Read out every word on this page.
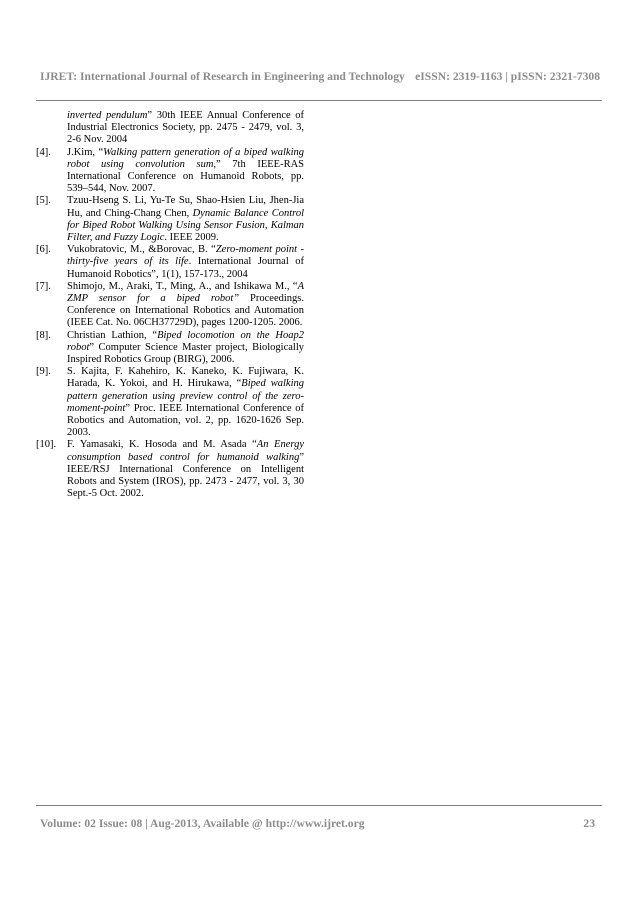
IJRET: International Journal of Research in Engineering and Technology eISSN: 2319-1163 | pISSN: 2321-7308
inverted pendulum” 30th IEEE Annual Conference of Industrial Electronics Society, pp. 2475 - 2479, vol. 3, 2-6 Nov. 2004
[4]. J.Kim, “Walking pattern generation of a biped walking robot using convolution sum,” 7th IEEE-RAS International Conference on Humanoid Robots, pp. 539–544, Nov. 2007.
[5]. Tzuu-Hseng S. Li, Yu-Te Su, Shao-Hsien Liu, Jhen-Jia Hu, and Ching-Chang Chen, Dynamic Balance Control for Biped Robot Walking Using Sensor Fusion, Kalman Filter, and Fuzzy Logic. IEEE 2009.
[6]. Vukobratovic, M., &Borovac, B. “Zero-moment point - thirty-five years of its life. International Journal of Humanoid Robotics”, 1(1), 157-173., 2004
[7]. Shimojo, M., Araki, T., Ming, A., and Ishikawa M., “A ZMP sensor for a biped robot” Proceedings. Conference on International Robotics and Automation (IEEE Cat. No. 06CH37729D), pages 1200-1205. 2006.
[8]. Christian Lathion, “Biped locomotion on the Hoap2 robot” Computer Science Master project, Biologically Inspired Robotics Group (BIRG), 2006.
[9]. S. Kajita, F. Kahehiro, K. Kaneko, K. Fujiwara, K. Harada, K. Yokoi, and H. Hirukawa, “Biped walking pattern generation using preview control of the zero-moment-point” Proc. IEEE International Conference of Robotics and Automation, vol. 2, pp. 1620-1626 Sep. 2003.
[10]. F. Yamasaki, K. Hosoda and M. Asada “An Energy consumption based control for humanoid walking” IEEE/RSJ International Conference on Intelligent Robots and System (IROS), pp. 2473 - 2477, vol. 3, 30 Sept.-5 Oct. 2002.
Volume: 02 Issue: 08 | Aug-2013, Available @ http://www.ijret.org	23
